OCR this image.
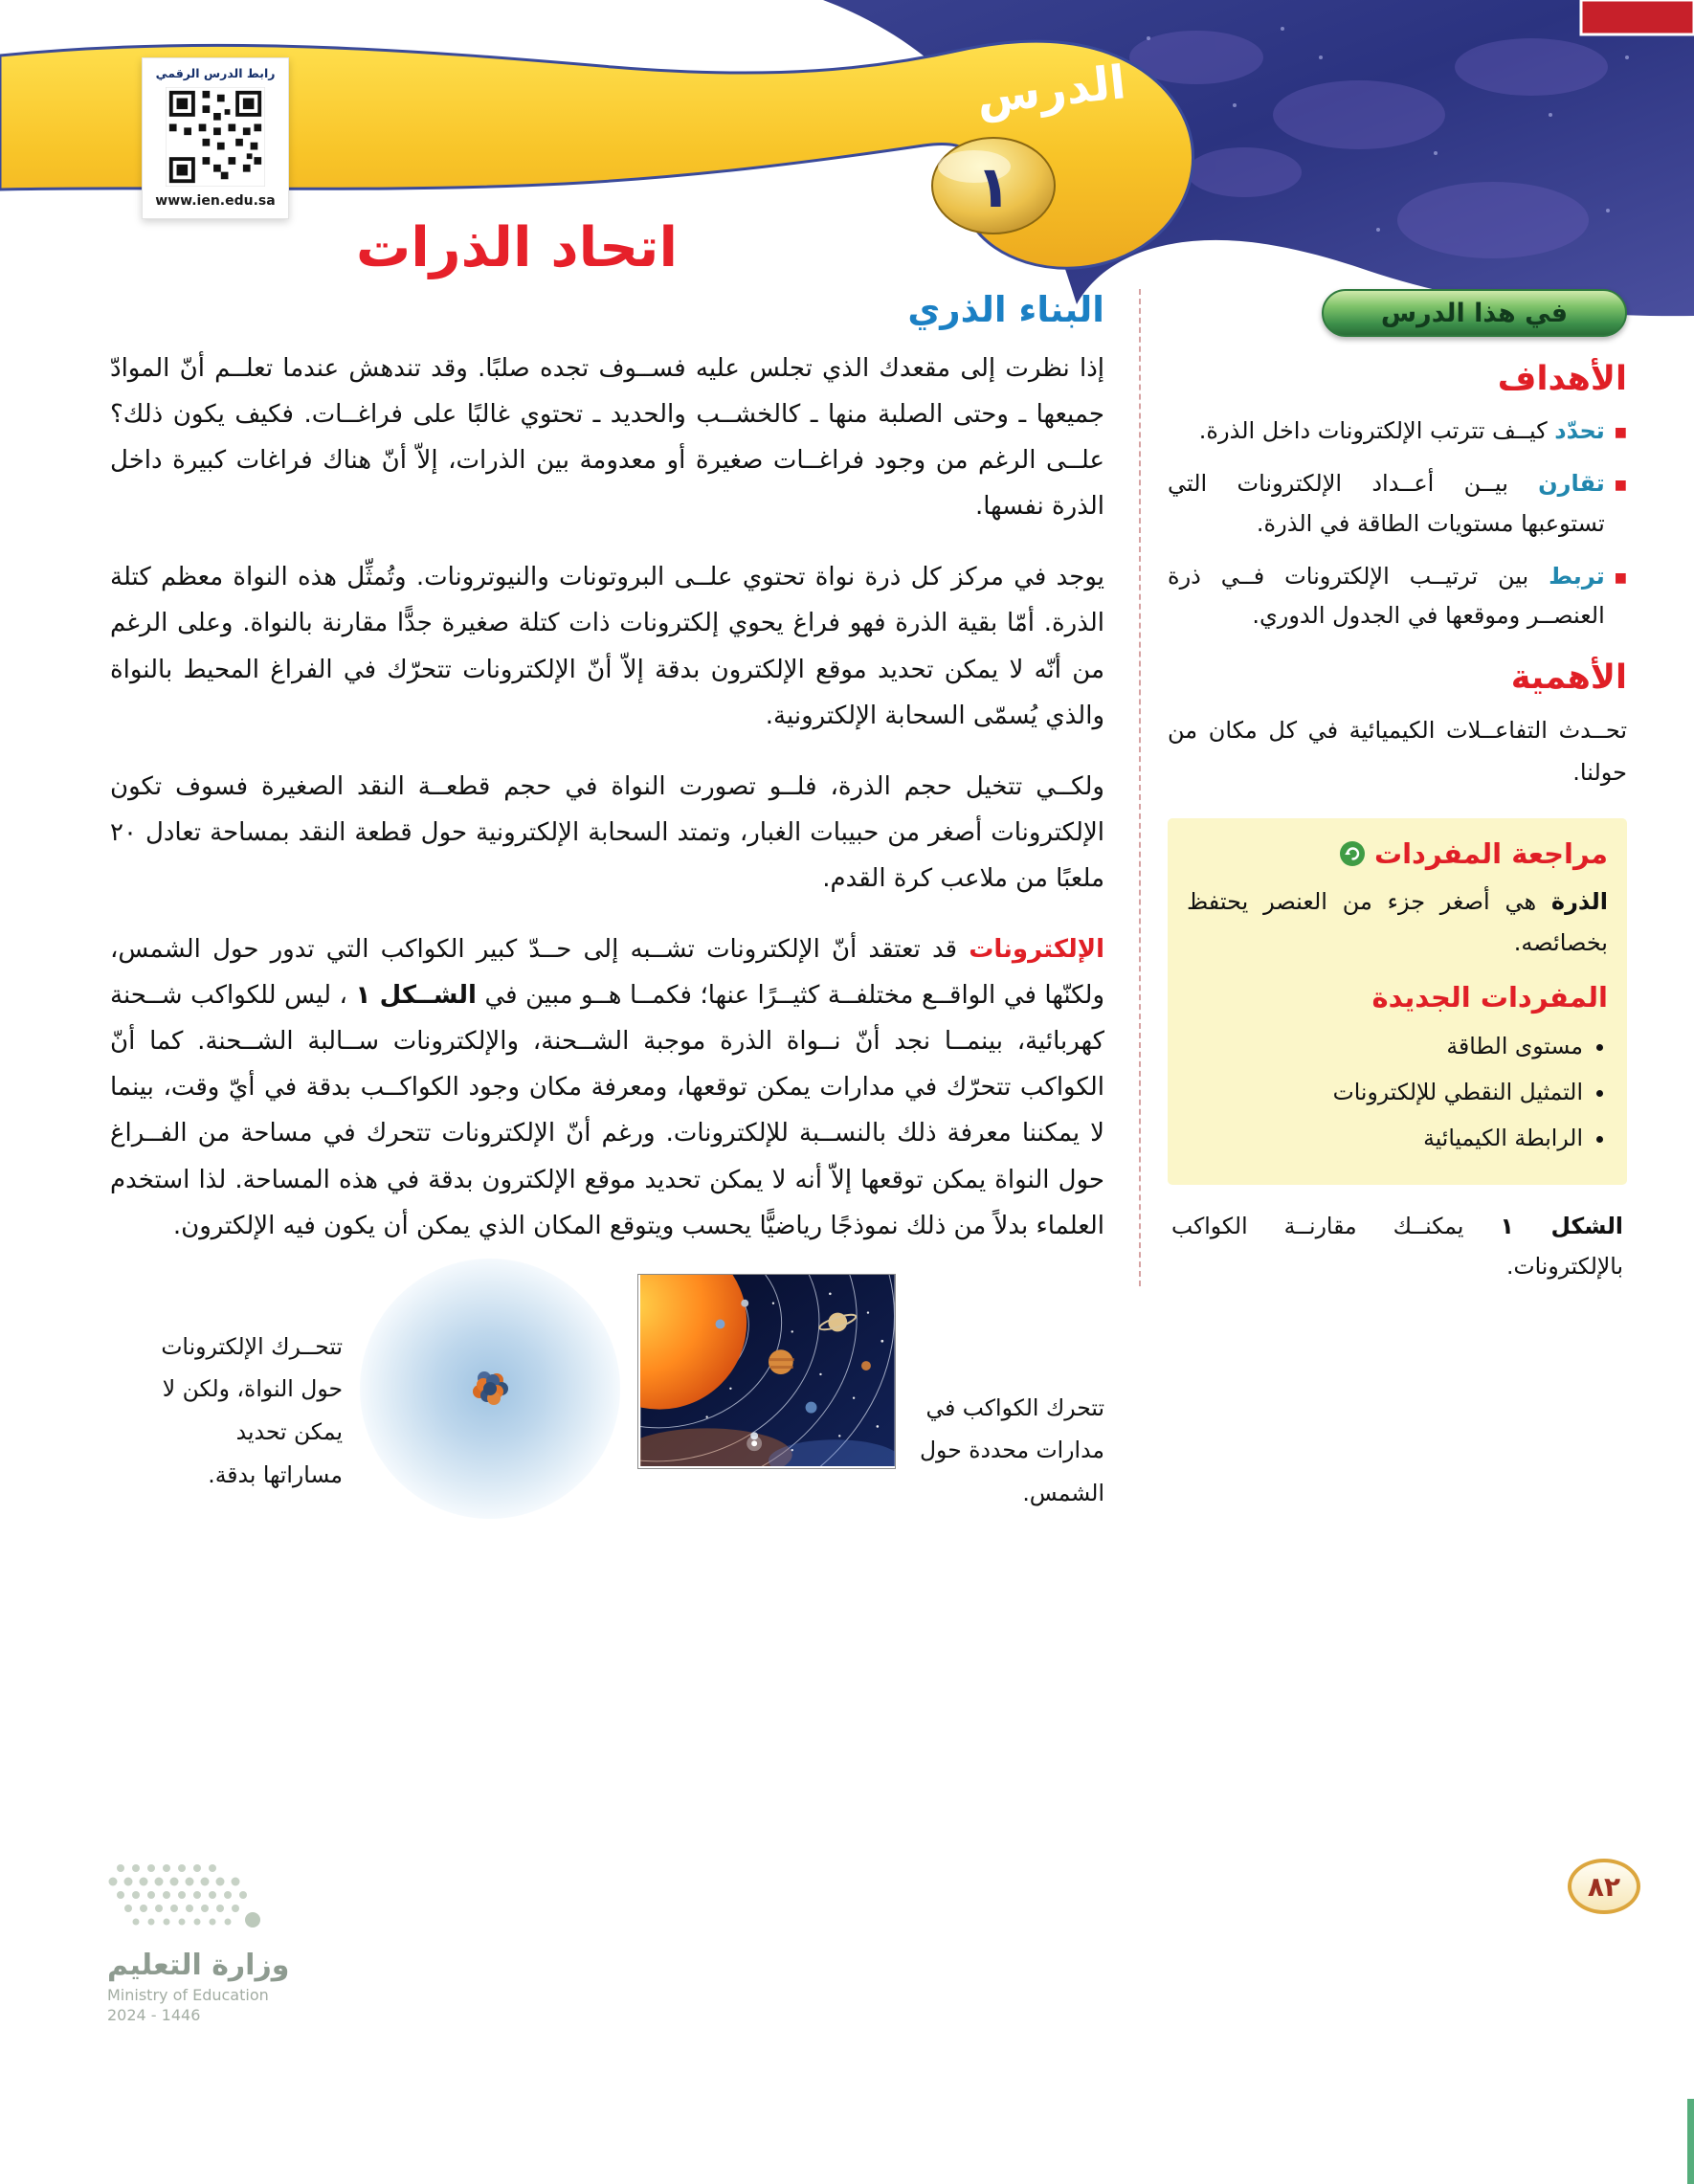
الدرس
١
رابط الدرس الرقمي
www.ien.edu.sa
اتحاد الذرات
في هذا الدرس
الأهداف
■

تحدّد كيــف تترتب الإلكترونات داخل الذرة.

■

تقارن بيــن أعــداد الإلكترونات التي تستوعبها مستويات الطاقة في الذرة.

■

تربط بين ترتيــب الإلكترونات فــي ذرة العنصــر وموقعها في الجدول الدوري.

الأهمية

تحــدث التفاعــلات الكيميائية في كل مكان من حولنا.

مراجعة المفردات

الذرة هي أصغر جزء من العنصر يحتفظ بخصائصه.

المفردات الجديدة
• مستوى الطاقة
• التمثيل النقطي للإلكترونات
• الرابطة الكيميائية

الشكل ١ يمكنــك مقارنــة الكواكب بالإلكترونات.

البناء الذري

إذا نظرت إلى مقعدك الذي تجلس عليه فســوف تجده صلبًا. وقد تندهش عندما تعلــم أنّ الموادّ جميعها ـ وحتى الصلبة منها ـ كالخشــب والحديد ـ تحتوي غالبًا على فراغــات. فكيف يكون ذلك؟ علــى الرغم من وجود فراغــات صغيرة أو معدومة بين الذرات، إلاّ أنّ هناك فراغات كبيرة داخل الذرة نفسها.

يوجد في مركز كل ذرة نواة تحتوي علــى البروتونات والنيوترونات. وتُمثِّل هذه النواة معظم كتلة الذرة. أمّا بقية الذرة فهو فراغ يحوي إلكترونات ذات كتلة صغيرة جدًّا مقارنة بالنواة. وعلى الرغم من أنّه لا يمكن تحديد موقع الإلكترون بدقة إلاّ أنّ الإلكترونات تتحرّك في الفراغ المحيط بالنواة والذي يُسمّى السحابة الإلكترونية.

ولكــي تتخيل حجم الذرة، فلــو تصورت النواة في حجم قطعــة النقد الصغيرة فسوف تكون الإلكترونات أصغر من حبيبات الغبار، وتمتد السحابة الإلكترونية حول قطعة النقد بمساحة تعادل ٢٠ ملعبًا من ملاعب كرة القدم.

الإلكترونات قد تعتقد أنّ الإلكترونات تشــبه إلى حــدّ كبير الكواكب التي تدور حول الشمس، ولكنّها في الواقــع مختلفــة كثيــرًا عنها؛ فكمــا هــو مبين في الشــكل ١ ، ليس للكواكب شــحنة كهربائية، بينمــا نجد أنّ نــواة الذرة موجبة الشــحنة، والإلكترونات ســالبة الشــحنة. كما أنّ الكواكب تتحرّك في مدارات يمكن توقعها، ومعرفة مكان وجود الكواكــب بدقة في أيّ وقت، بينما لا يمكننا معرفة ذلك بالنســبة للإلكترونات. ورغم أنّ الإلكترونات تتحرك في مساحة من الفــراغ حول النواة يمكن توقعها إلاّ أنه لا يمكن تحديد موقع الإلكترون بدقة في هذه المساحة. لذا استخدم العلماء بدلاً من ذلك نموذجًا رياضيًّا يحسب ويتوقع المكان الذي يمكن أن يكون فيه الإلكترون.

تتحرك الكواكب في مدارات محددة حول الشمس.

تتحــرك الإلكترونات حول النواة، ولكن لا يمكن تحديد مساراتها بدقة.

وزارة التعليم
Ministry of Education
2024 - 1446
٨٢
